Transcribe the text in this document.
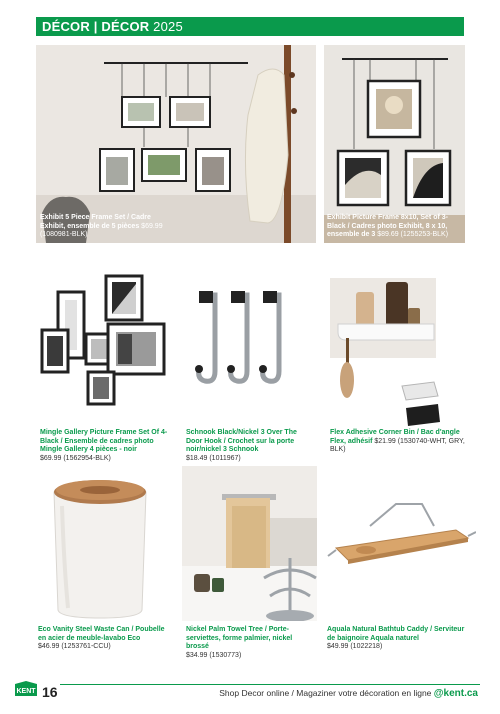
DÉCOR | DÉCOR 2025
Exhibit 5 Piece Frame Set / Cadre Exhibit, ensemble de 5 pièces $69.99 (1080981-BLK)
Exhibit Picture Frame 8x10, Set of 3-Black / Cadres photo Exhibit, 8 x 10, ensemble de 3 $89.69 (1255253-BLK)
Mingle Gallery Picture Frame Set Of 4-Black / Ensemble de cadres photo Mingle Gallery 4 pièces - noir
$69.99 (1562954-BLK)
Schnook Black/Nickel 3 Over The Door Hook / Crochet sur la porte noir/nickel 3 Schnook
$18.49 (1011967)
Flex Adhesive Corner Bin / Bac d'angle Flex, adhésif $21.99 (1530740-WHT, GRY, BLK)
Eco Vanity Steel Waste Can / Poubelle en acier de meuble-lavabo Eco
$46.99 (1253761-CCU)
Nickel Palm Towel Tree / Porte-serviettes, forme palmier, nickel brossé
$34.99 (1530773)
Aquala Natural Bathtub Caddy / Serviteur de baignoire Aquala naturel
$49.99 (1022218)
KENT 16	Shop Decor online / Magaziner votre décoration en ligne @kent.ca
